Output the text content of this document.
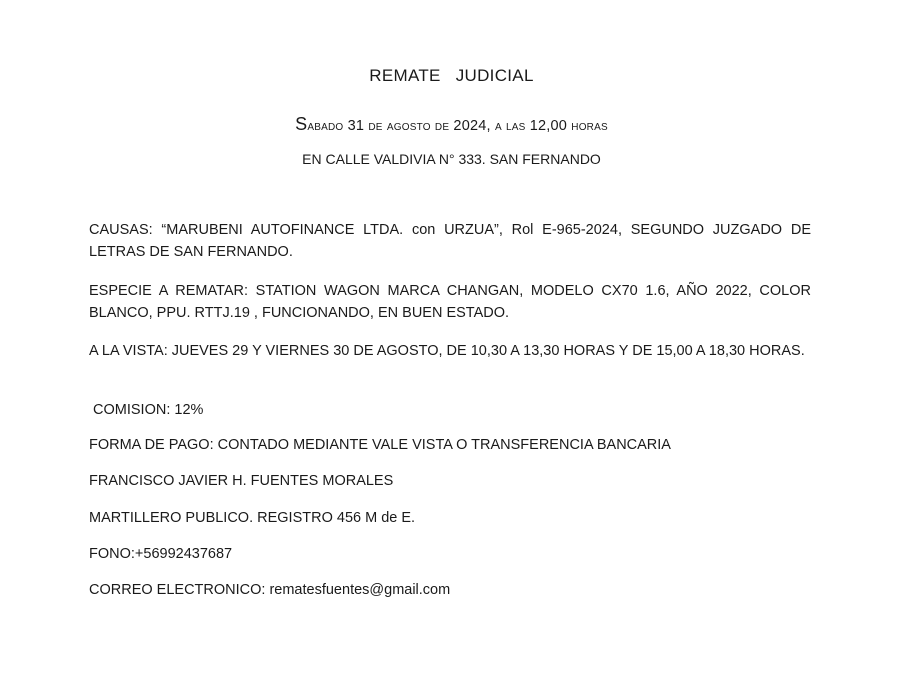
REMATE   JUDICIAL
Sabado 31 de agosto de 2024, a las 12,00 horas
EN CALLE VALDIVIA N° 333. SAN FERNANDO

CAUSAS: “MARUBENI AUTOFINANCE LTDA. con URZUA”, Rol E-965-2024, SEGUNDO JUZGADO DE LETRAS DE SAN FERNANDO.

ESPECIE A REMATAR: STATION WAGON MARCA CHANGAN, MODELO CX70 1.6, AÑO 2022, COLOR BLANCO, PPU. RTTJ.19 , FUNCIONANDO, EN BUEN ESTADO.

A LA VISTA: JUEVES 29 Y VIERNES 30 DE AGOSTO, DE 10,30 A 13,30 HORAS Y DE 15,00 A 18,30 HORAS.

COMISION: 12%

FORMA DE PAGO: CONTADO MEDIANTE VALE VISTA O TRANSFERENCIA BANCARIA

FRANCISCO JAVIER H. FUENTES MORALES

MARTILLERO PUBLICO. REGISTRO 456 M de E.

FONO:+56992437687

CORREO ELECTRONICO: rematesfuentes@gmail.com
